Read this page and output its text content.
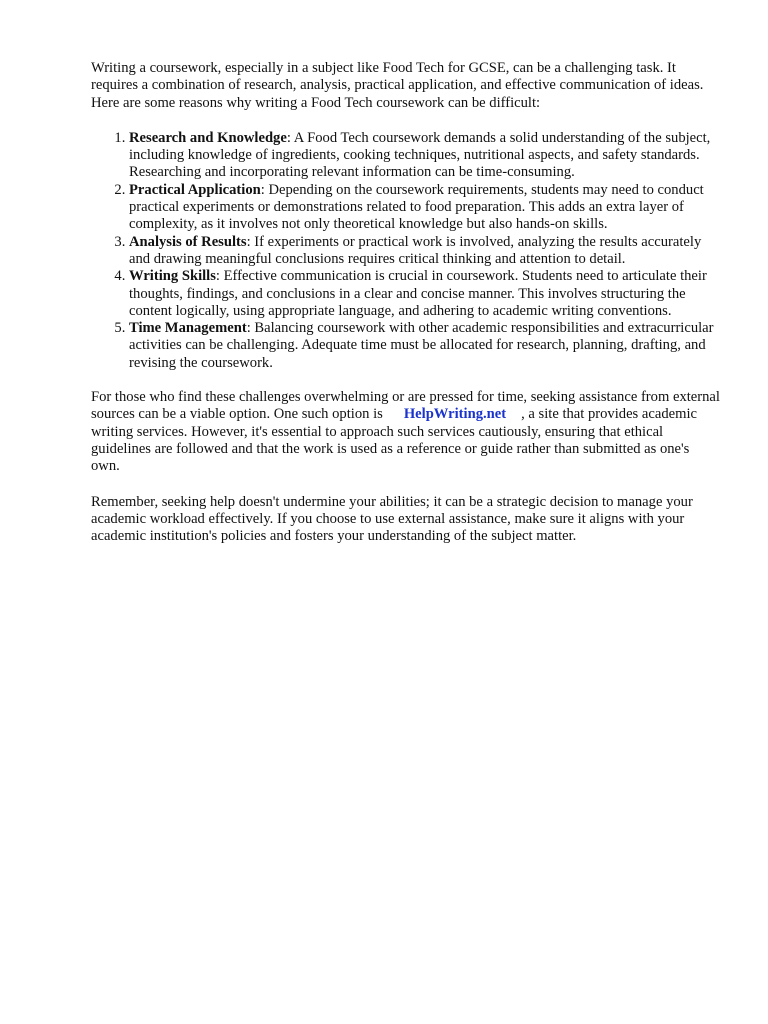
Writing a coursework, especially in a subject like Food Tech for GCSE, can be a challenging task. It requires a combination of research, analysis, practical application, and effective communication of ideas. Here are some reasons why writing a Food Tech coursework can be difficult:

1. Research and Knowledge: A Food Tech coursework demands a solid understanding of the subject, including knowledge of ingredients, cooking techniques, nutritional aspects, and safety standards. Researching and incorporating relevant information can be time-consuming.
2. Practical Application: Depending on the coursework requirements, students may need to conduct practical experiments or demonstrations related to food preparation. This adds an extra layer of complexity, as it involves not only theoretical knowledge but also hands-on skills.
3. Analysis of Results: If experiments or practical work is involved, analyzing the results accurately and drawing meaningful conclusions requires critical thinking and attention to detail.
4. Writing Skills: Effective communication is crucial in coursework. Students need to articulate their thoughts, findings, and conclusions in a clear and concise manner. This involves structuring the content logically, using appropriate language, and adhering to academic writing conventions.
5. Time Management: Balancing coursework with other academic responsibilities and extracurricular activities can be challenging. Adequate time must be allocated for research, planning, drafting, and revising the coursework.

For those who find these challenges overwhelming or are pressed for time, seeking assistance from external sources can be a viable option. One such option is HelpWriting.net , a site that provides academic writing services. However, it's essential to approach such services cautiously, ensuring that ethical guidelines are followed and that the work is used as a reference or guide rather than submitted as one's own.

Remember, seeking help doesn't undermine your abilities; it can be a strategic decision to manage your academic workload effectively. If you choose to use external assistance, make sure it aligns with your academic institution's policies and fosters your understanding of the subject matter.
